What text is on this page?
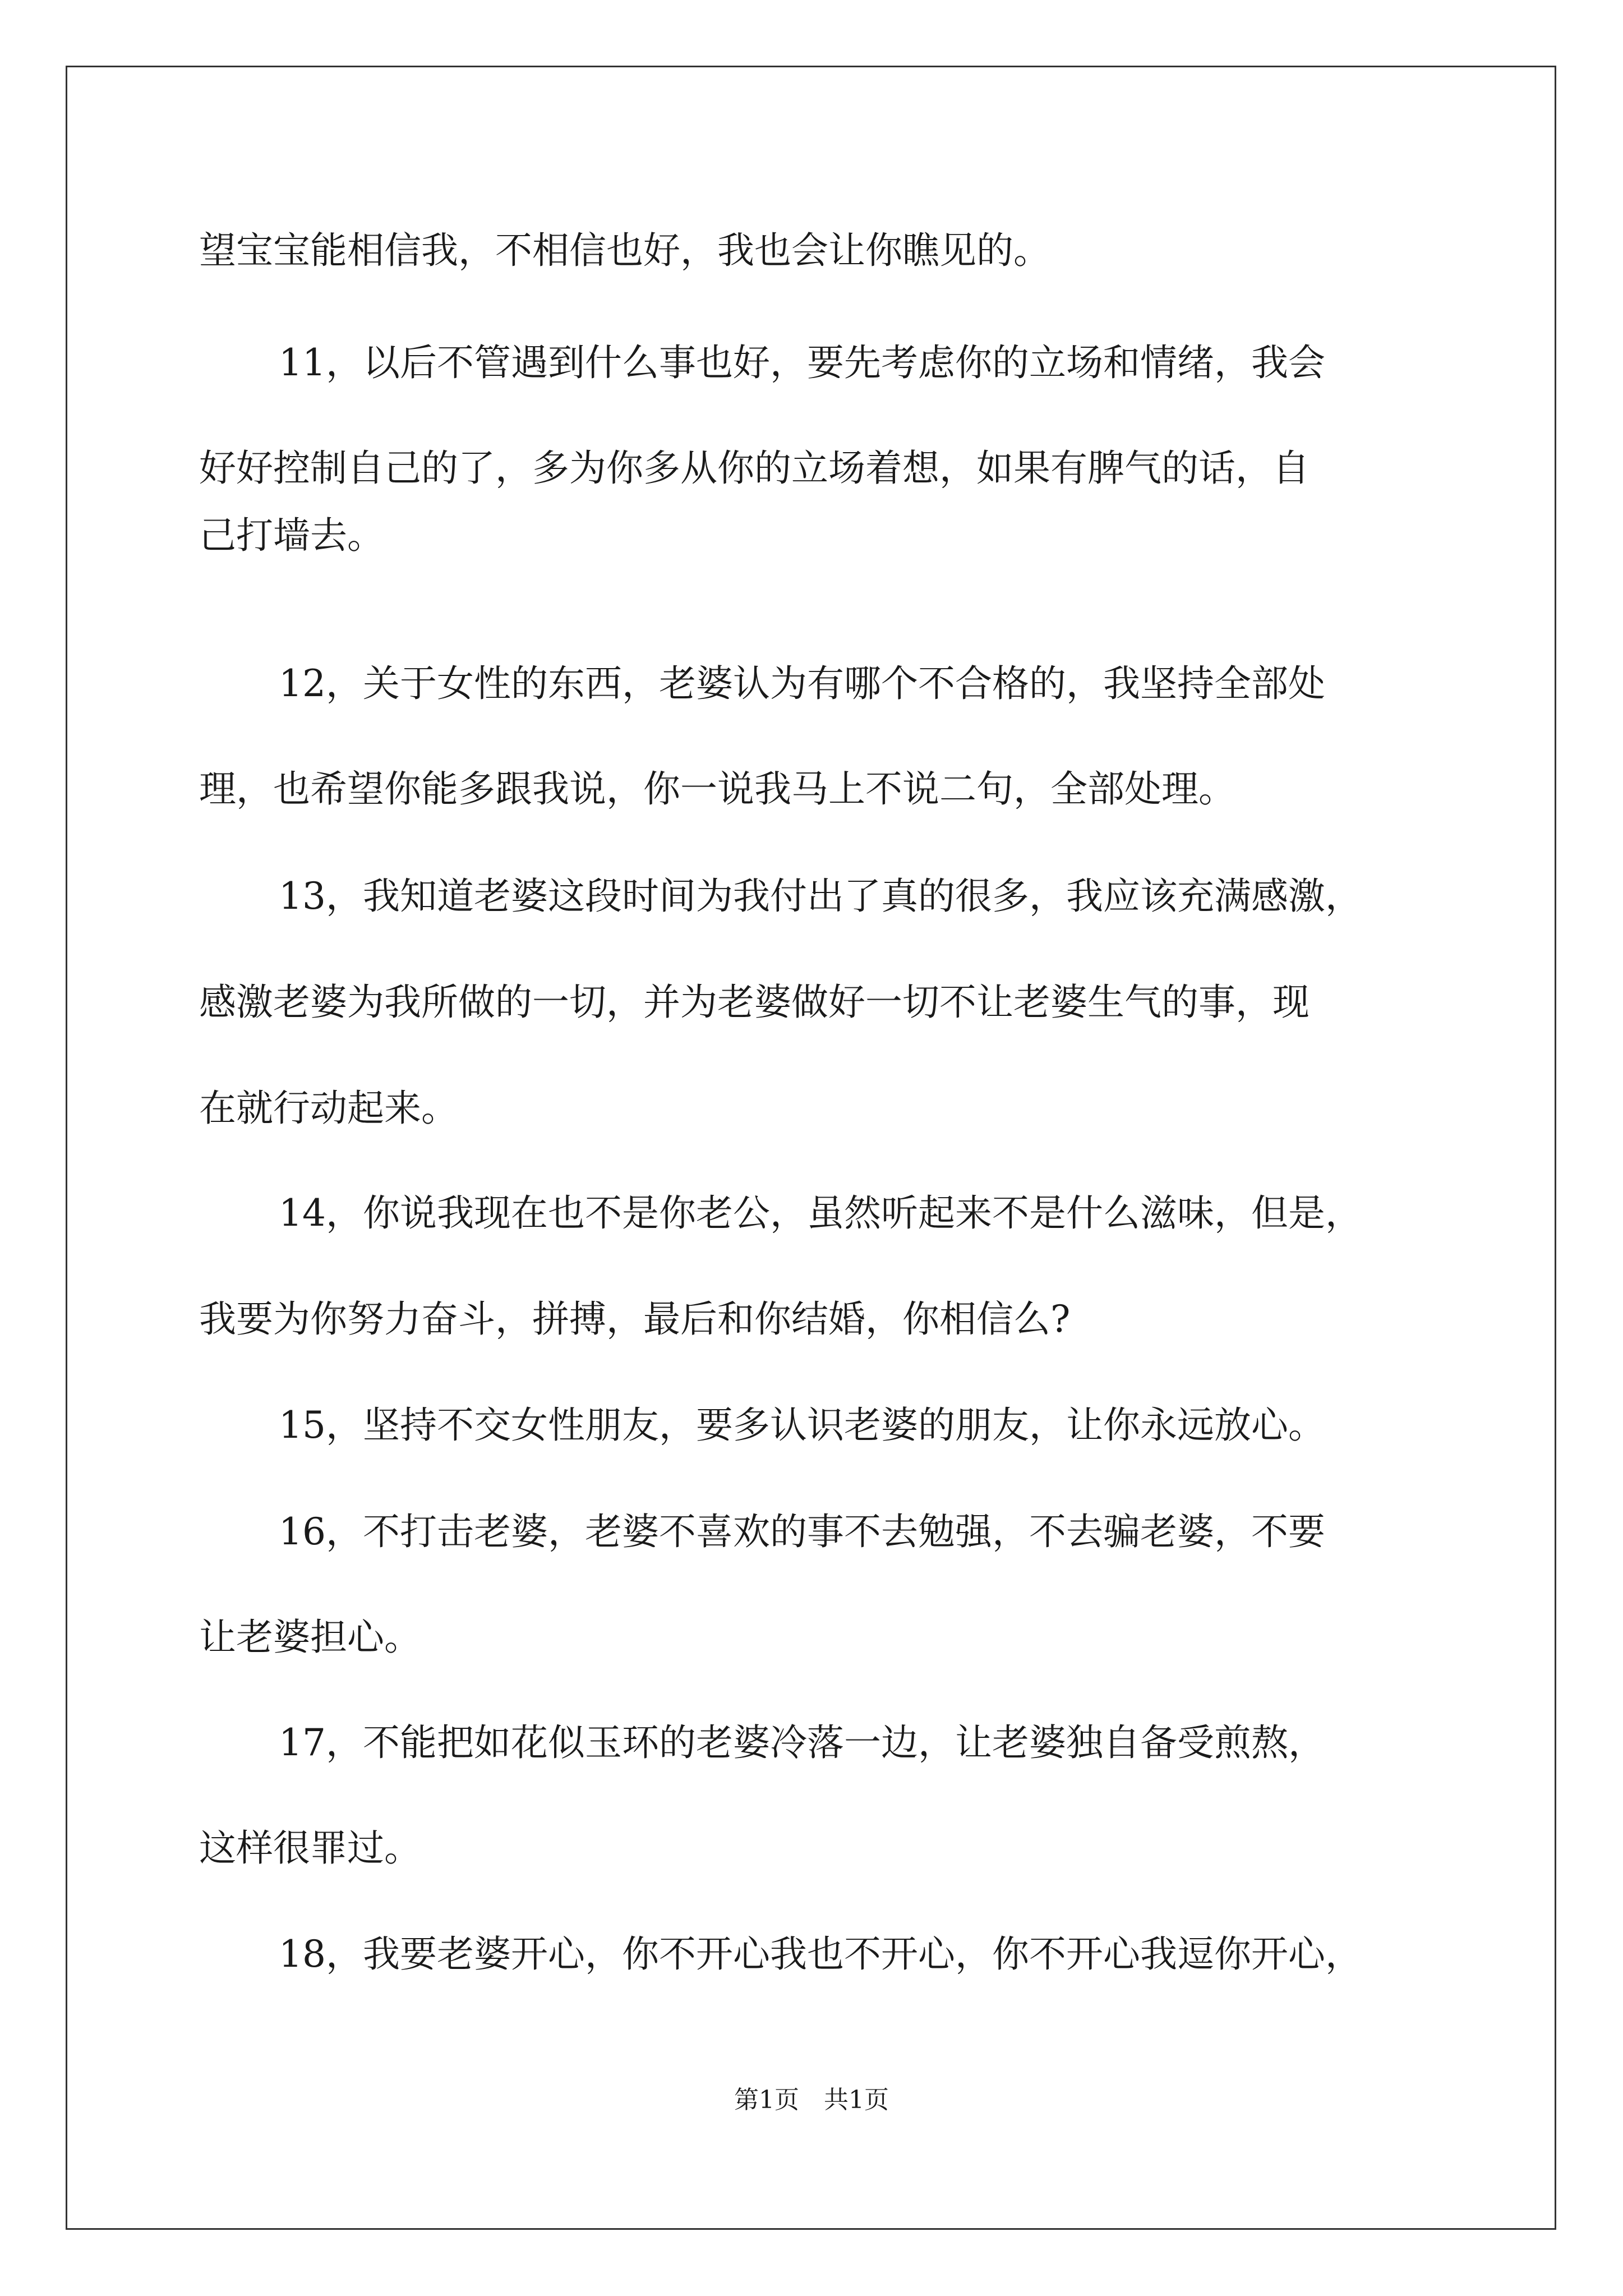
望宝宝能相信我，不相信也好，我也会让你瞧见的。
11，以后不管遇到什么事也好，要先考虑你的立场和情绪，我会
好好控制自己的了，多为你多从你的立场着想，如果有脾气的话，自
己打墙去。
12，关于女性的东西，老婆认为有哪个不合格的，我坚持全部处
理，也希望你能多跟我说，你一说我马上不说二句，全部处理。
13，我知道老婆这段时间为我付出了真的很多，我应该充满感激，
感激老婆为我所做的一切，并为老婆做好一切不让老婆生气的事，现
在就行动起来。
14，你说我现在也不是你老公，虽然听起来不是什么滋味，但是，
我要为你努力奋斗，拼搏，最后和你结婚，你相信么?
15，坚持不交女性朋友，要多认识老婆的朋友，让你永远放心。
16，不打击老婆，老婆不喜欢的事不去勉强，不去骗老婆，不要
让老婆担心。
17，不能把如花似玉环的老婆冷落一边，让老婆独自备受煎熬，
这样很罪过。
18，我要老婆开心，你不开心我也不开心，你不开心我逗你开心，
第1页　共1页
